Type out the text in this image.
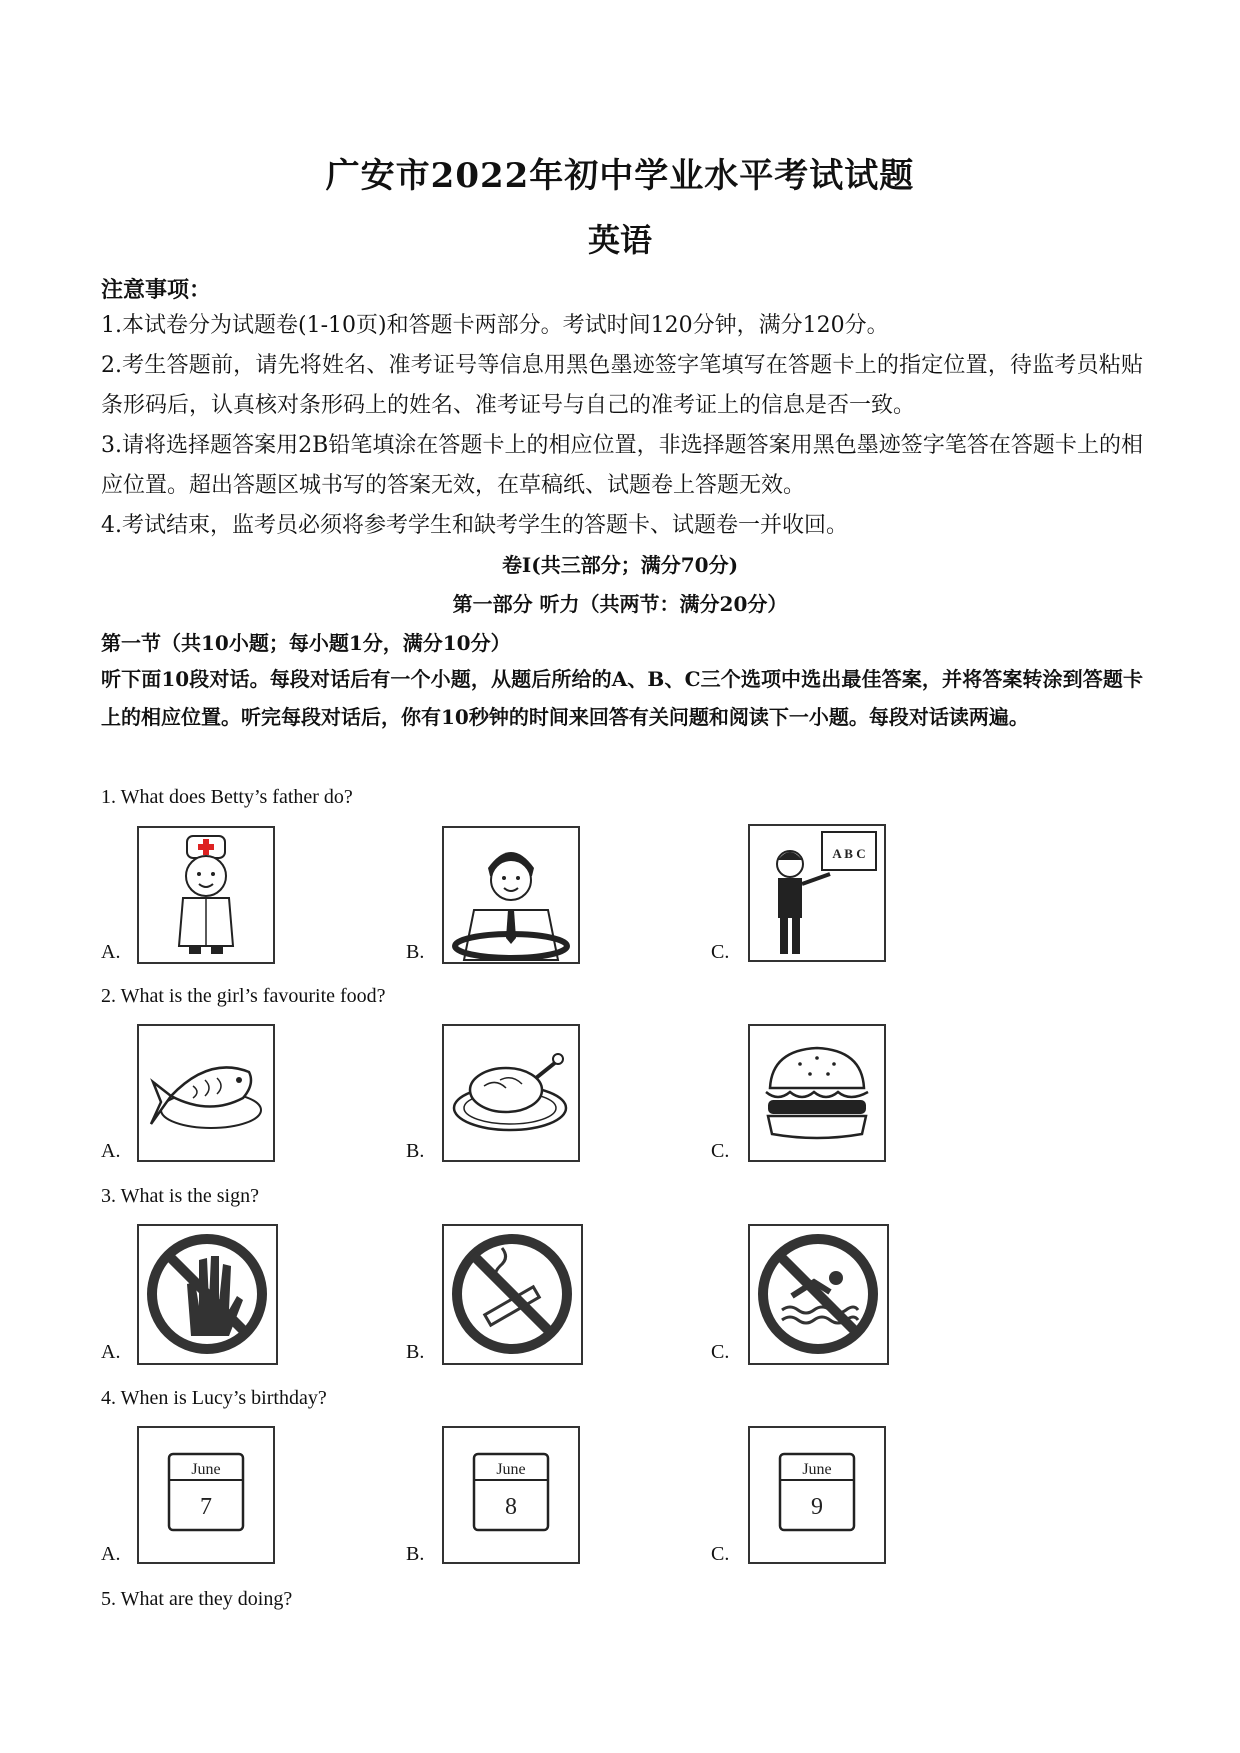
广安市2022年初中学业水平考试试题
英语
注意事项：
1.本试卷分为试题卷(1-10页)和答题卡两部分。考试时间120分钟，满分120分。
2.考生答题前，请先将姓名、准考证号等信息用黑色墨迹签字笔填写在答题卡上的指定位置，待监考员粘贴条形码后，认真核对条形码上的姓名、准考证号与自己的准考证上的信息是否一致。
3.请将选择题答案用2B铅笔填涂在答题卡上的相应位置，非选择题答案用黑色墨迹签字笔答在答题卡上的相应位置。超出答题区城书写的答案无效，在草稿纸、试题卷上答题无效。
4.考试结束，监考员必须将参考学生和缺考学生的答题卡、试题卷一并收回。
卷Ⅰ(共三部分；满分70分)
第一部分 听力（共两节：满分20分）
第一节（共10小题；每小题1分，满分10分）
听下面10段对话。每段对话后有一个小题，从题后所给的A、B、C三个选项中选出最佳答案，并将答案转涂到答题卡上的相应位置。听完每段对话后，你有10秒钟的时间来回答有关问题和阅读下一小题。每段对话读两遍。
1. What does Betty’s father do?
A.	B.
A B C
C.
2. What is the girl’s favourite food?
A.	B.	C.
3. What is the sign?
A.	B.	C.
4. When is Lucy’s birthday?
June
7
A.
June
8
B.
June
9
C.
5. What are they doing?
